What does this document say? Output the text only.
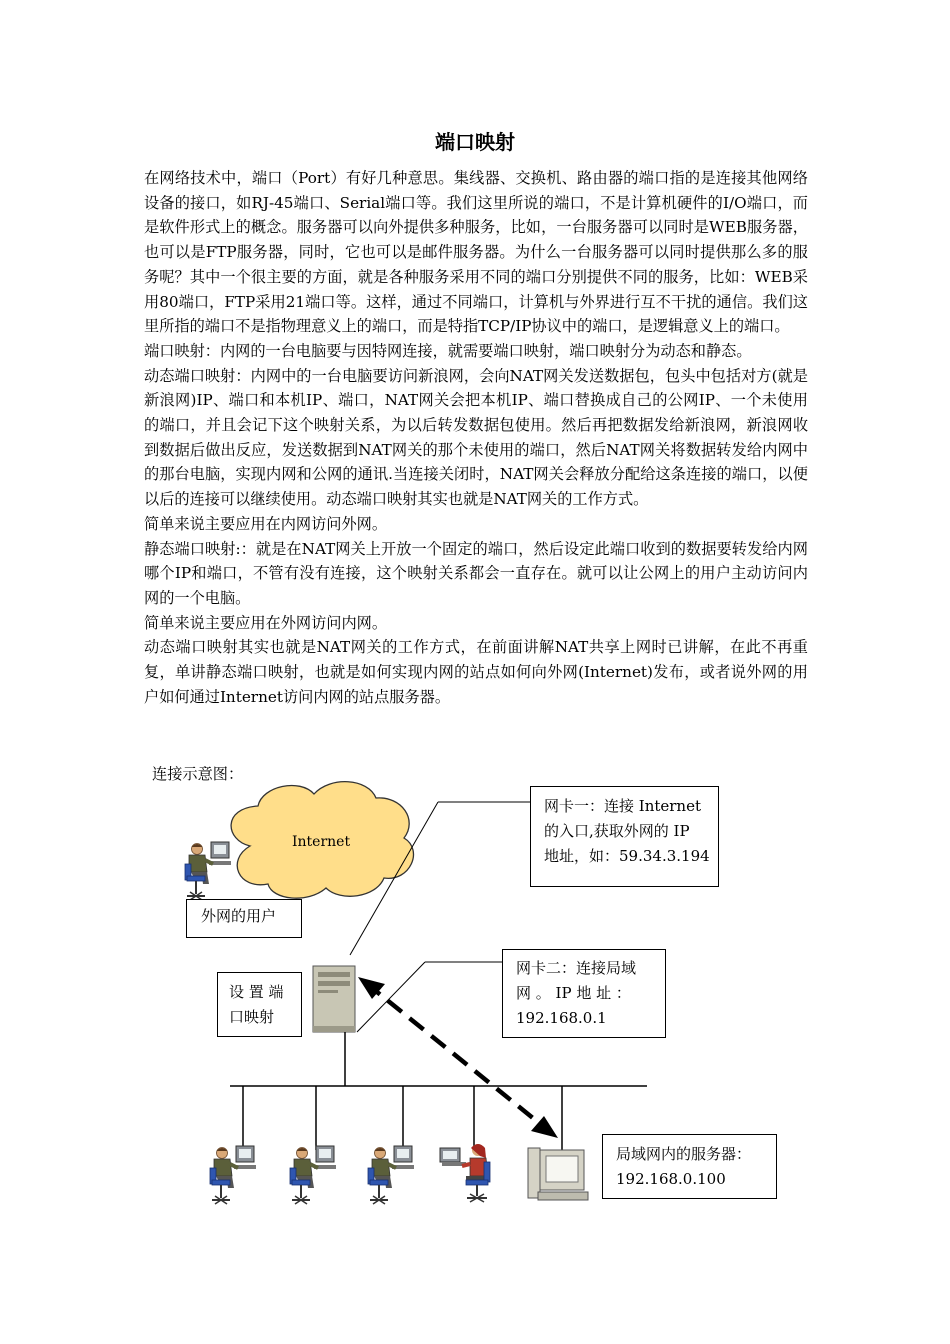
端口映射

在网络技术中，端口（Port）有好几种意思。集线器、交换机、路由器的端口指的是连接其他网络设备的接口，如RJ-45端口、Serial端口等。我们这里所说的端口，不是计算机硬件的I/O端口，而是软件形式上的概念。服务器可以向外提供多种服务，比如，一台服务器可以同时是WEB服务器，也可以是FTP服务器，同时，它也可以是邮件服务器。为什么一台服务器可以同时提供那么多的服务呢？其中一个很主要的方面，就是各种服务采用不同的端口分别提供不同的服务，比如：WEB采用80端口，FTP采用21端口等。这样，通过不同端口，计算机与外界进行互不干扰的通信。我们这里所指的端口不是指物理意义上的端口，而是特指TCP/IP协议中的端口，是逻辑意义上的端口。

端口映射：内网的一台电脑要与因特网连接，就需要端口映射，端口映射分为动态和静态。

动态端口映射：内网中的一台电脑要访问新浪网，会向NAT网关发送数据包，包头中包括对方(就是新浪网)IP、端口和本机IP、端口，NAT网关会把本机IP、端口替换成自己的公网IP、一个未使用的端口，并且会记下这个映射关系，为以后转发数据包使用。然后再把数据发给新浪网，新浪网收到数据后做出反应，发送数据到NAT网关的那个未使用的端口，然后NAT网关将数据转发给内网中的那台电脑，实现内网和公网的通讯.当连接关闭时，NAT网关会释放分配给这条连接的端口，以便以后的连接可以继续使用。动态端口映射其实也就是NAT网关的工作方式。

简单来说主要应用在内网访问外网。

静态端口映射:：就是在NAT网关上开放一个固定的端口，然后设定此端口收到的数据要转发给内网哪个IP和端口，不管有没有连接，这个映射关系都会一直存在。就可以让公网上的用户主动访问内网的一个电脑。

简单来说主要应用在外网访问内网。

动态端口映射其实也就是NAT网关的工作方式，在前面讲解NAT共享上网时已讲解，在此不再重复，单讲静态端口映射，也就是如何实现内网的站点如何向外网(Internet)发布，或者说外网的用户如何通过Internet访问内网的站点服务器。

连接示意图：
Internet
外网的用户
网卡一：连接 Internet
的入口,获取外网的 IP
地址，如：59.34.3.194
设 置 端
口映射
网卡二：连接局域
网 。 IP 地 址 ：
192.168.0.1
局域网内的服务器：
192.168.0.100
